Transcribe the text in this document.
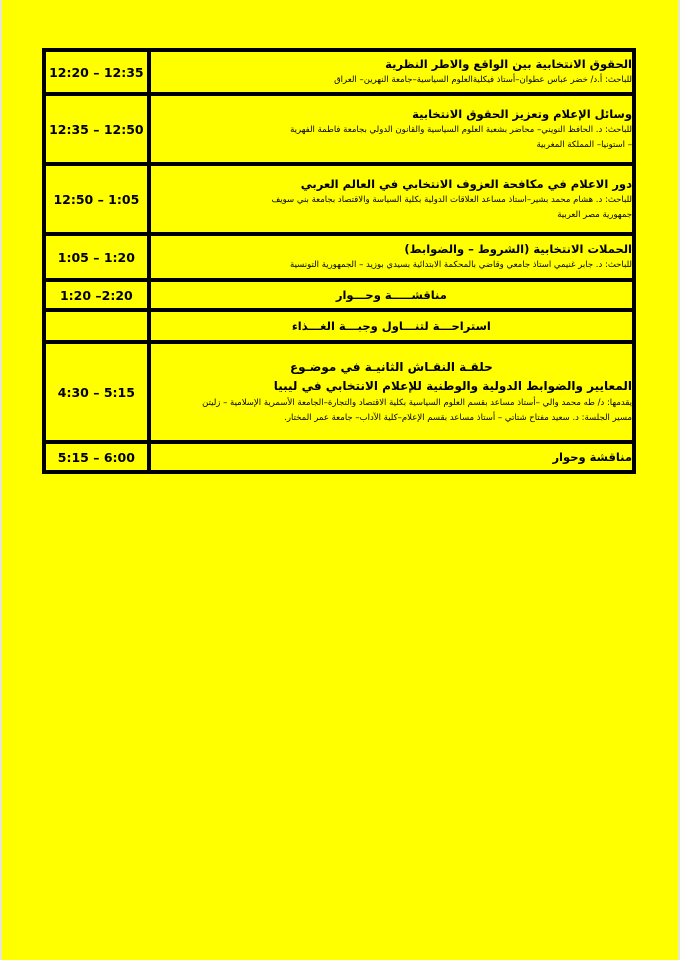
الحقوق الانتخابية بين الواقع والاطر النظرية
للباحث: أ.د/ خضر عباس عطوان–أستاذ فيكليةالعلوم السياسية–جامعة النهرين– العراق	12:20 – 12:35

وسائل الإعلام وتعزيز الحقوق الانتخابية
للباحث: د. الحافظ النويني– محاضر بشعبة العلوم السياسية والقانون الدولي بجامعة فاطمة الفهرية
– استونيا– المملكة المغربية	12:35 – 12:50

دور الاعلام في مكافحة العزوف الانتخابي في العالم العربي
للباحث: د. هشام محمد بشير–استاذ مساعد العلاقات الدولية بكلية السياسة والاقتصاد بجامعة بني سويف
جمهورية مصر العربية	12:50 – 1:05

الحملات الانتخابية (الشروط – والضوابط)
للباحث: د. جابر غنيمي استاذ جامعي وقاضي بالمحكمة الابتدائية بسيدي بوزيد – الجمهورية التونسية	1:05 – 1:20

مناقشـــــة وحـــوار	1:20 –2:20

استراحـــة لتنـــاول وجبـــة الغـــذاء	

حلقـة النقـاش الثانيـة في موضـوع
المعايير والضوابط الدولية والوطنية للإعلام الانتخابي في ليبيا
يقدمها: د/ طه محمد والي –أستاذ مساعد بقسم العلوم السياسية بكلية الاقتصاد والتجارة–الجامعة الأسمرية الإسلامية – زليتن
مسير الجلسة: د. سعيد مفتاح شتاتي – أستاذ مساعد بقسم الإعلام–كلية الآداب– جامعة عمر المختار.	4:30 – 5:15

مناقشة وحوار	5:15 – 6:00
